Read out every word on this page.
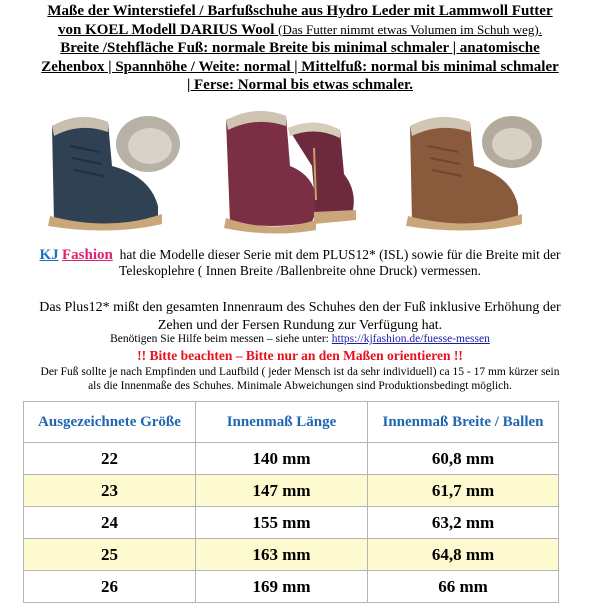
Maße der Winterstiefel / Barfußschuhe aus Hydro Leder mit Lammwoll Futter
von KOEL Modell DARIUS Wool (Das Futter nimmt etwas Volumen im Schuh weg).
Breite /Stehfläche Fuß: normale Breite bis minimal schmaler | anatomische
Zehenbox | Spannhöhe / Weite: normal | Mittelfuß: normal bis minimal schmaler
| Ferse: Normal bis etwas schmaler.
KJ Fashion hat die Modelle dieser Serie mit dem PLUS12* (ISL) sowie für die Breite mit der
Teleskoplehre ( Innen Breite /Ballenbreite ohne Druck) vermessen.
Das Plus12* mißt den gesamten Innenraum des Schuhes den der Fuß inklusive Erhöhung der
Zehen und der Fersen Rundung zur Verfügung hat.
Benötigen Sie Hilfe beim messen – siehe unter: https://kjfashion.de/fuesse-messen
!! Bitte beachten – Bitte nur an den Maßen orientieren !!
Der Fuß sollte je nach Empfinden und Laufbild ( jeder Mensch ist da sehr individuell) ca 15 - 17 mm kürzer sein
als die Innenmaße des Schuhes. Minimale Abweichungen sind Produktionsbedingt möglich.
Ausgezeichnete Größe	Innenmaß Länge	Innenmaß Breite / Ballen
22	140 mm	60,8 mm
23	147 mm	61,7 mm
24	155 mm	63,2 mm
25	163 mm	64,8 mm
26	169 mm	66 mm
